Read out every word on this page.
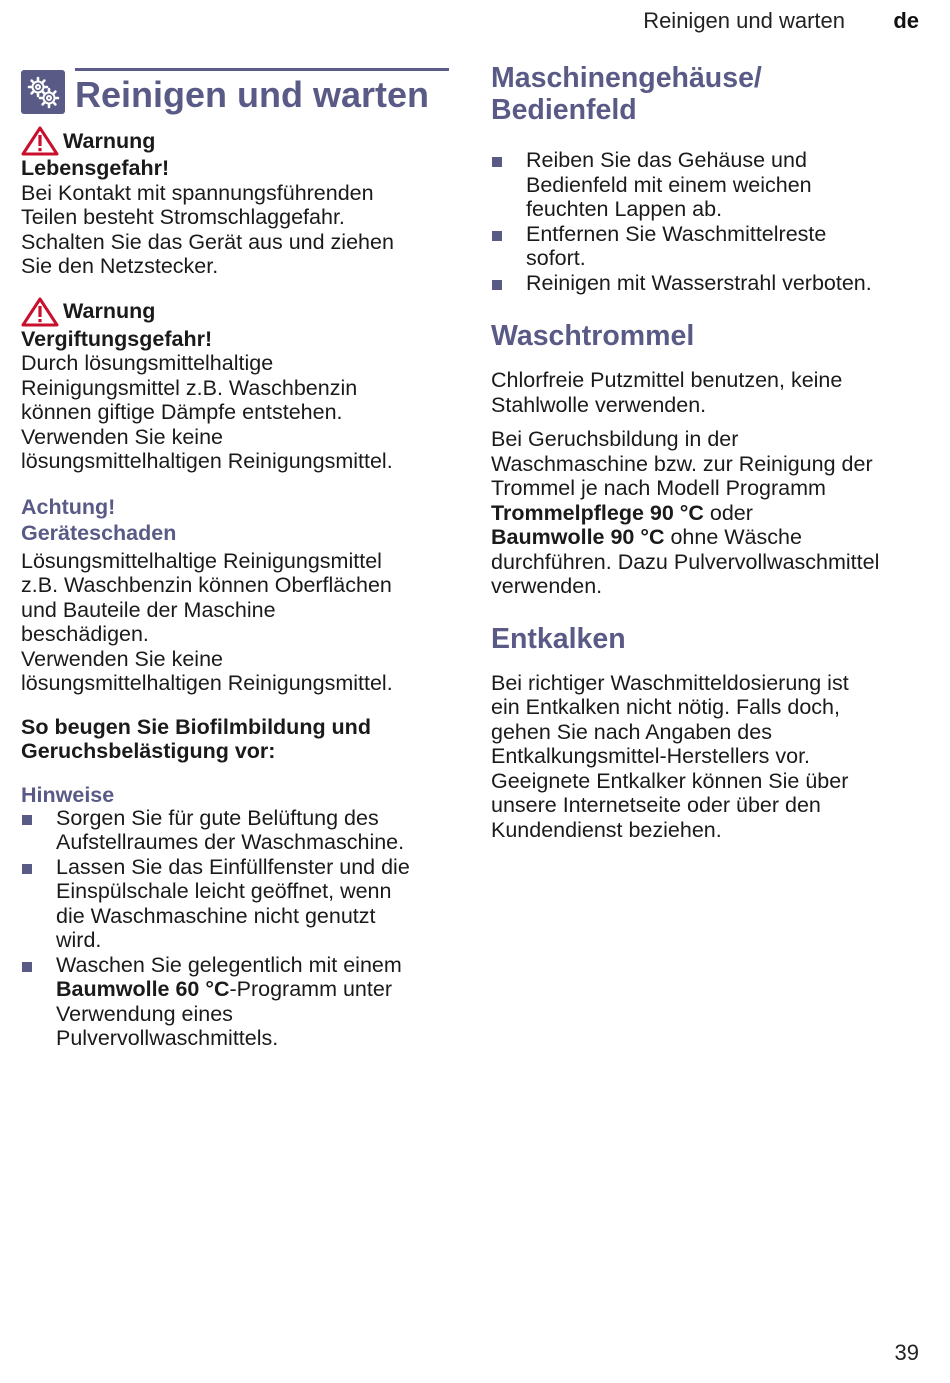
Reinigen und warten de
Reinigen und warten
Warnung

Lebensgefahr!

Bei Kontakt mit spannungsführenden

Teilen besteht Stromschlaggefahr.

Schalten Sie das Gerät aus und ziehen

Sie den Netzstecker.

Warnung

Vergiftungsgefahr!

Durch lösungsmittelhaltige

Reinigungsmittel z.B. Waschbenzin

können giftige Dämpfe entstehen.

Verwenden Sie keine

lösungsmittelhaltigen Reinigungsmittel.

Achtung!
Geräteschaden

Lösungsmittelhaltige Reinigungsmittel

z.B. Waschbenzin können Oberflächen

und Bauteile der Maschine

beschädigen.

Verwenden Sie keine

lösungsmittelhaltigen Reinigungsmittel.

So beugen Sie Biofilmbildung und

Geruchsbelästigung vor:

Hinweise
Sorgen Sie für gute Belüftung des
Aufstellraumes der Waschmaschine.
Lassen Sie das Einfüllfenster und die
Einspülschale leicht geöffnet, wenn
die Waschmaschine nicht genutzt
wird.
Waschen Sie gelegentlich mit einem
Baumwolle 60 °C-Programm unter
Verwendung eines
Pulvervollwaschmittels.
Maschinengehäuse/
Bedienfeld
Reiben Sie das Gehäuse und
Bedienfeld mit einem weichen
feuchten Lappen ab.
Entfernen Sie Waschmittelreste
sofort.
Reinigen mit Wasserstrahl verboten.
Waschtrommel

Chlorfreie Putzmittel benutzen, keine

Stahlwolle verwenden.

Bei Geruchsbildung in der

Waschmaschine bzw. zur Reinigung der

Trommel je nach Modell Programm

Trommelpflege 90 °C oder

Baumwolle 90 °C ohne Wäsche

durchführen. Dazu Pulvervollwaschmittel

verwenden.

Entkalken

Bei richtiger Waschmitteldosierung ist

ein Entkalken nicht nötig. Falls doch,

gehen Sie nach Angaben des

Entkalkungsmittel-Herstellers vor.

Geeignete Entkalker können Sie über

unsere Internetseite oder über den

Kundendienst beziehen.

39
